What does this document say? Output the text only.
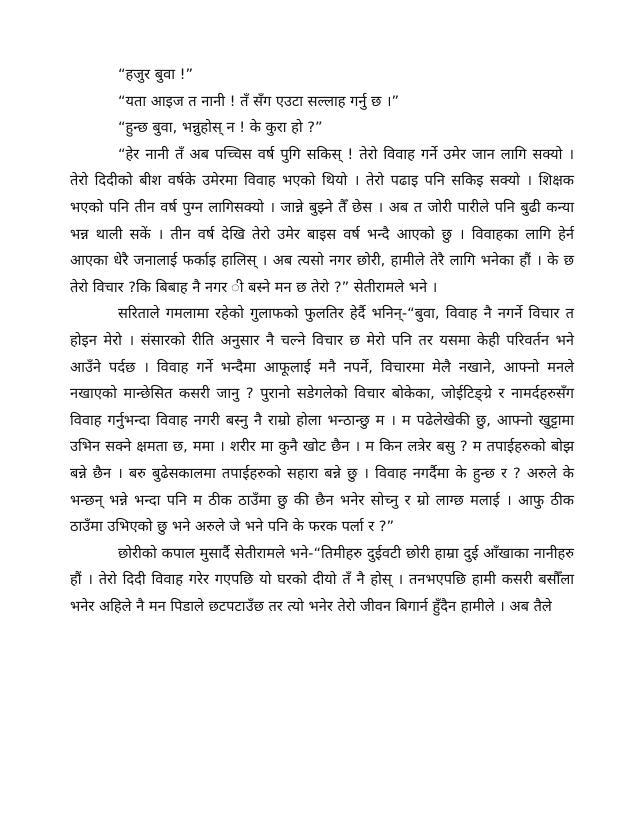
“हजुर बुवा !”

“यता आइज त नानी ! तँ सँग एउटा सल्लाह गर्नु छ ।”

“हुन्छ बुवा, भन्नुहोस् न ! के कुरा हो ?”

“हेर नानी तँ अब पच्चिस वर्ष पुगि सकिस् ! तेरो विवाह गर्ने उमेर जान लागि सक्यो । तेरो दिदीको बीश वर्षके उमेरमा विवाह भएको थियो । तेरो पढाइ पनि सकिइ सक्यो । शिक्षक भएको पनि तीन वर्ष पुग्न लागिसक्यो । जान्ने बुझ्ने तैँ छेस । अब त जोरी पारीले पनि बुढी कन्या भन्न थाली सकें । तीन वर्ष देखि तेरो उमेर बाइस वर्ष भन्दै आएको छु । विवाहका लागि हेर्न आएका धेरै जनालाई फर्काइ हालिस् । अब त्यसो नगर छोरी, हामीले तेरै लागि भनेका हौं । के छ तेरो विचार ?कि बिबाह नै नगर ी बस्ने मन छ तेरो ?” सेतीरामले भने ।

सरिताले गमलामा रहेको गुलाफको फुलतिर हेर्दै भनिन्-“बुवा, विवाह नै नगर्ने विचार त होइन मेरो । संसारको रीति अनुसार नै चल्ने विचार छ मेरो पनि तर यसमा केही परिवर्तन भने आउँने पर्दछ । विवाह गर्ने भन्दैमा आफूलाई मनै नपर्ने, विचारमा मेलै नखाने, आफ्नो मनले नखाएको मान्छेसित कसरी जानु ? पुरानो सडेगलेको विचार बोकेका, जोईटिङ्ग्रे र नामर्दहरुसँग विवाह गर्नुभन्दा विवाह नगरी बस्नु नै राम्रो होला भन्ठान्छु म । म पढेलेखेकी छु, आफ्नो खुट्टामा उभिन सक्ने क्षमता छ, ममा । शरीर मा कुनै खोट छैन । म किन लत्रेर बसु ? म तपाईहरुको बोझ बन्ने छैन । बरु बुढेसकालमा तपाईहरुको सहारा बन्ने छु । विवाह नगर्दैमा के हुन्छ र ? अरुले के भन्छन् भन्ने भन्दा पनि म ठीक ठाउँमा छु की छैन भनेर सोच्नु र म्रो लाग्छ मलाई । आफु ठीक ठाउँमा उभिएको छु भने अरुले जे भने पनि के फरक पर्ला र ?”

छोरीको कपाल मुसार्दै सेतीरामले भने-“तिमीहरु दुईवटी छोरी हाम्रा दुई आँखाका नानीहरु हौं । तेरो दिदी विवाह गरेर गएपछि यो घरको दीयो तँ नै होस् । तनभएपछि हामी कसरी बसौँला भनेर अहिले नै मन पिडाले छटपटाउँछ तर त्यो भनेर तेरो जीवन बिगार्न हुँदैन हामीले । अब तैले
